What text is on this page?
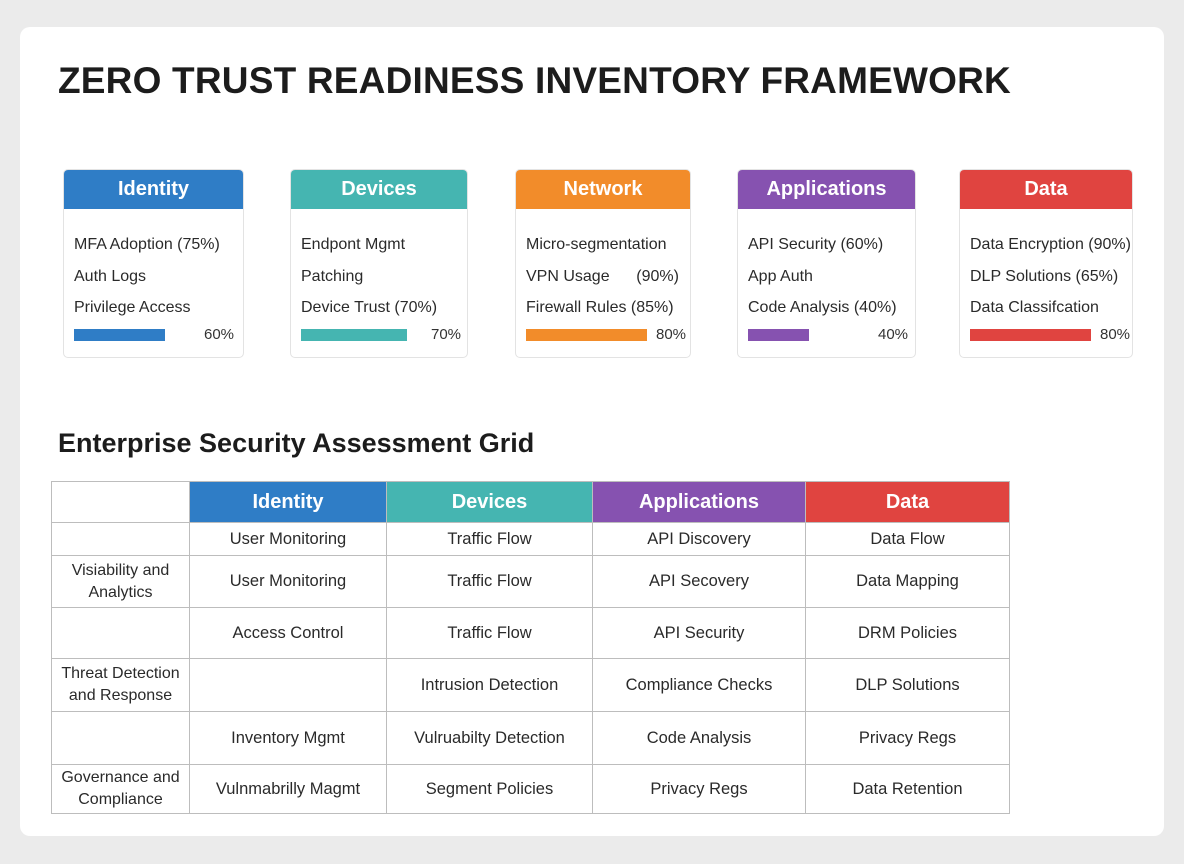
ZERO TRUST READINESS INVENTORY FRAMEWORK
Identity
MFA Adoption (75%)
Auth Logs
Privilege Access
60%
Devices
Endpont Mgmt
Patching
Device Trust (70%)
70%
Network
Micro-segmentation
VPN Usage      (90%)
Firewall Rules (85%)
80%
Applications
API Security (60%)
App Auth
Code Analysis (40%)
40%
Data
Data Encryption (90%)
DLP Solutions (65%)
Data Classifcation
80%
Enterprise Security Assessment Grid
	Identity	Devices	Applications	Data
	User Monitoring	Traffic Flow	API Discovery	Data Flow
Visiability and Analytics	User Monitoring	Traffic Flow	API Secovery	Data Mapping
	Access Control	Traffic Flow	API Security	DRM Policies
Threat Detection and Response		Intrusion Detection	Compliance Checks	DLP Solutions
	Inventory Mgmt	Vulruabilty Detection	Code Analysis	Privacy Regs
Governance and Compliance	Vulnmabrilly Magmt	Segment Policies	Privacy Regs	Data Retention
